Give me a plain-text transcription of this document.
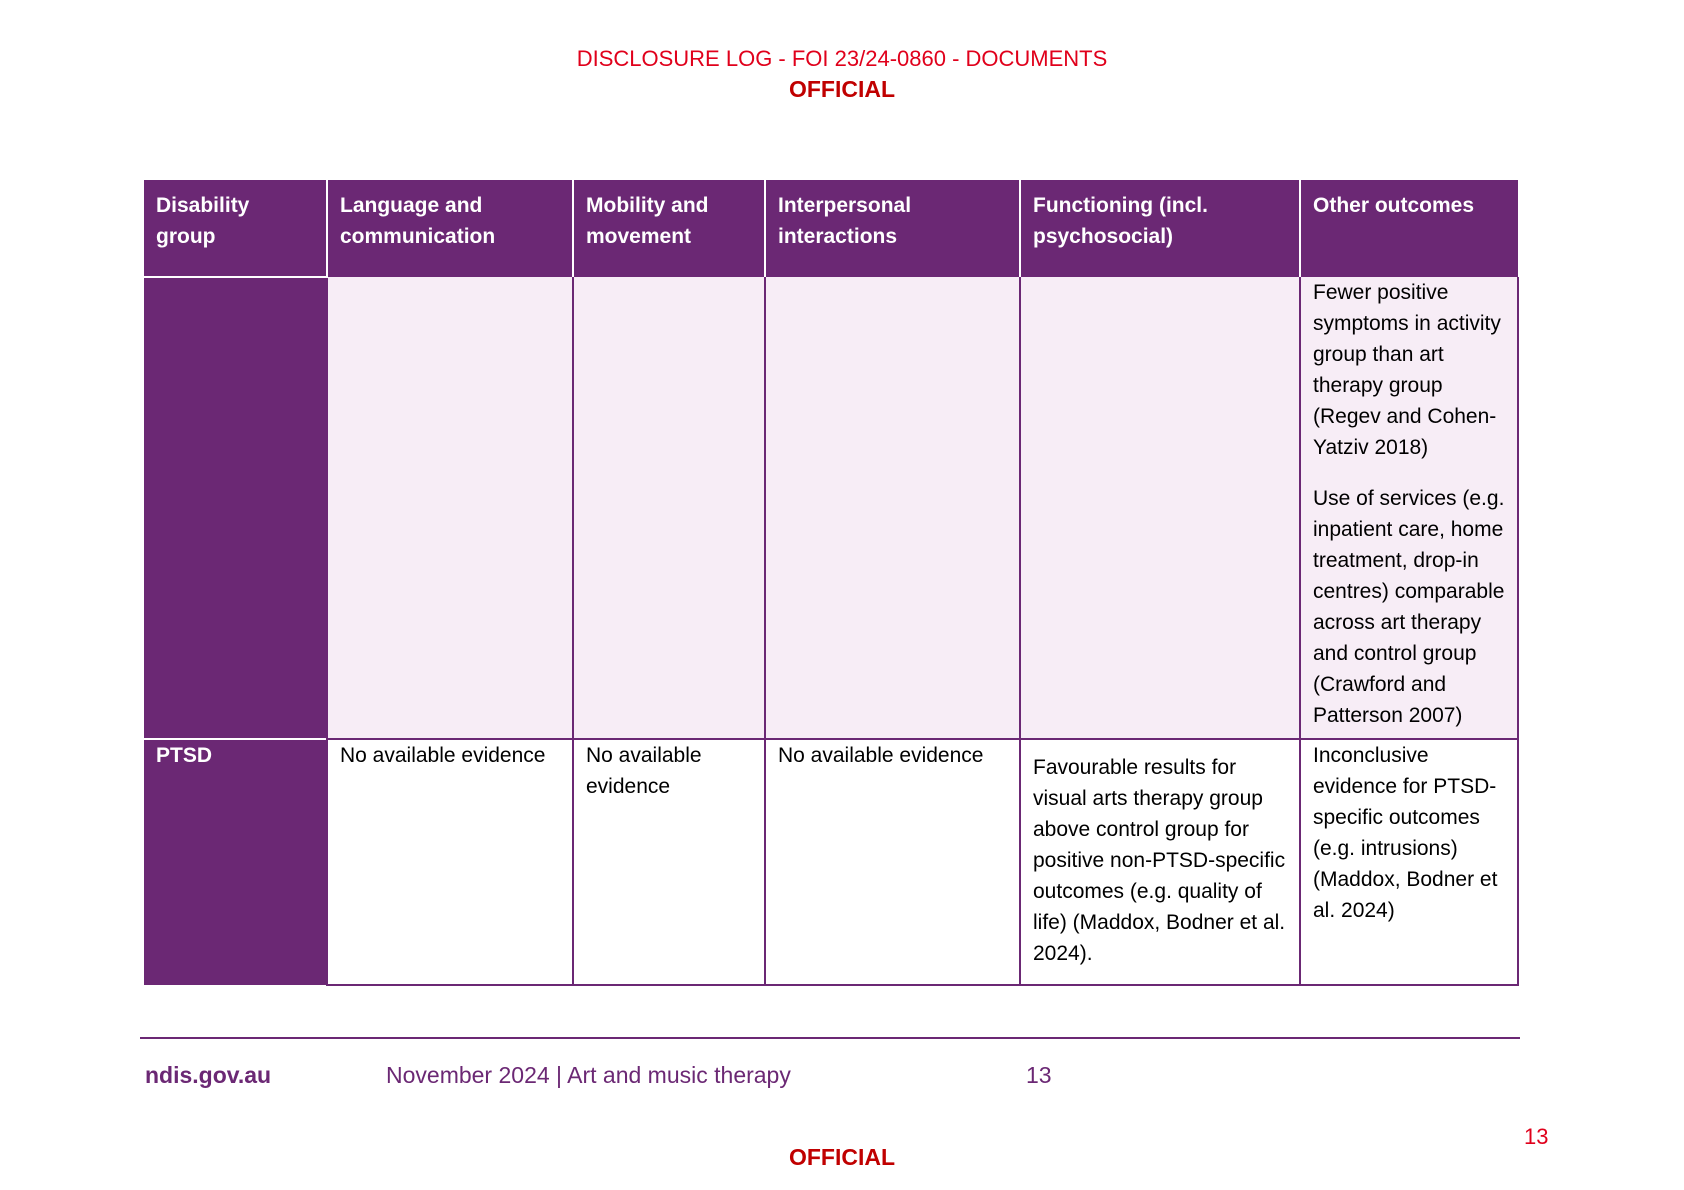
DISCLOSURE LOG - FOI 23/24-0860 - DOCUMENTS
OFFICIAL
Disability group	Language and communication	Mobility and movement	Interpersonal interactions	Functioning (incl. psychosocial)	Other outcomes

					Fewer positive symptoms in activity group than art therapy group (Regev and Cohen-Yatziv 2018)

Use of services (e.g. inpatient care, home treatment, drop-in centres) comparable across art therapy and control group (Crawford and Patterson 2007)

PTSD	No available evidence	No available evidence	No available evidence	Favourable results for visual arts therapy group above control group for positive non-PTSD-specific outcomes (e.g. quality of life) (Maddox, Bodner et al. 2024).	Inconclusive evidence for PTSD-specific outcomes (e.g. intrusions) (Maddox, Bodner et al. 2024)

ndis.gov.au	November 2024 | Art and music therapy	13
13
OFFICIAL
